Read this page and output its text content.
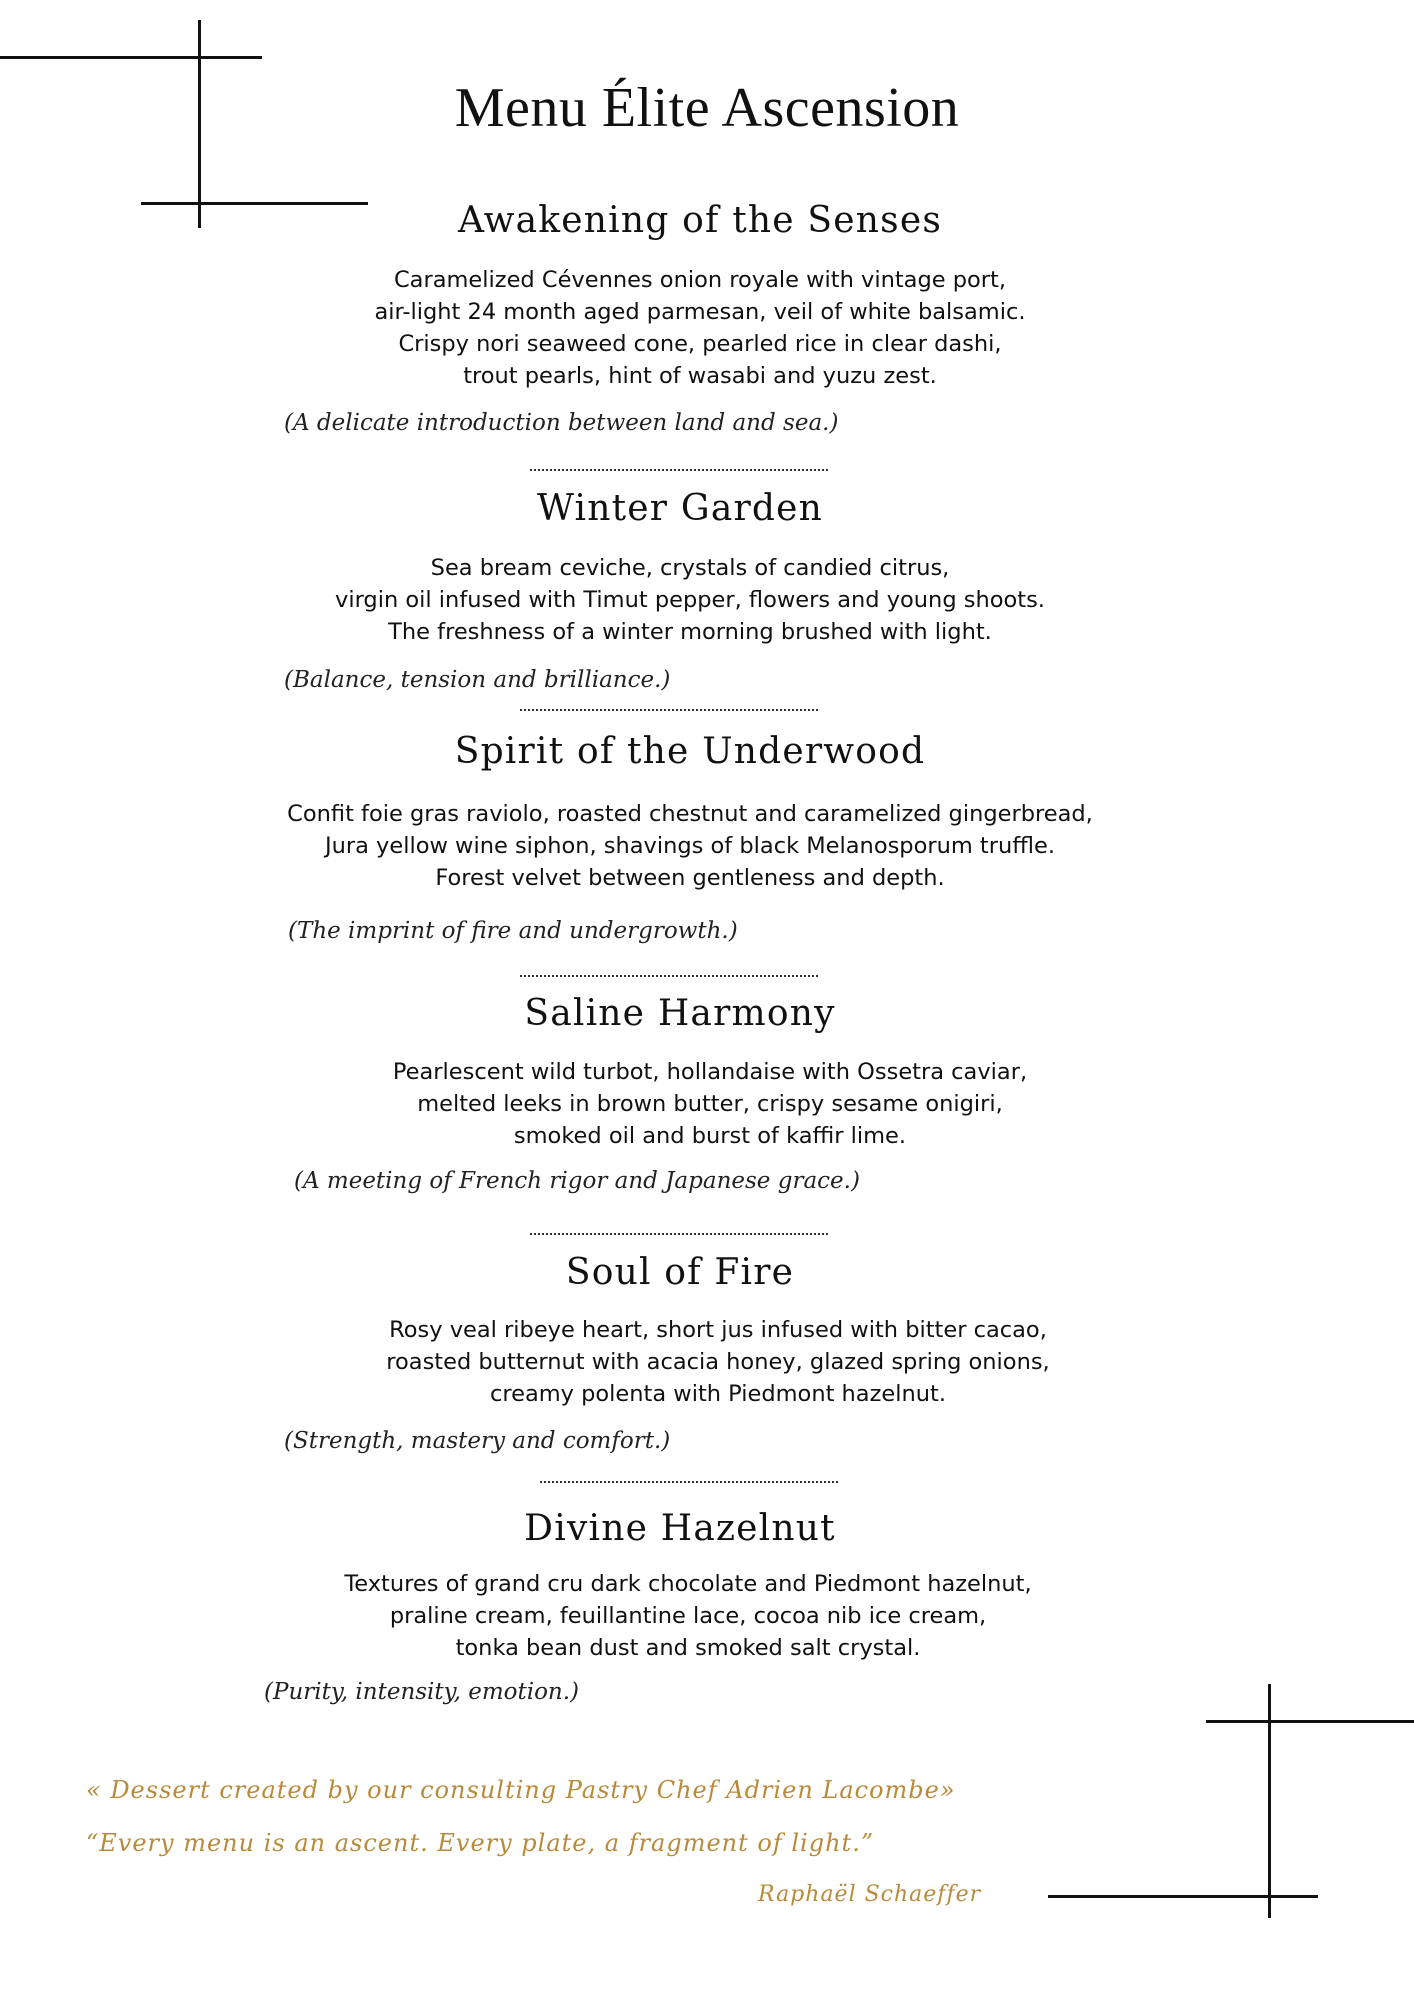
Menu Élite Ascension
Awakening of the Senses
Caramelized Cévennes onion royale with vintage port,
air-light 24 month aged parmesan, veil of white balsamic.
Crispy nori seaweed cone, pearled rice in clear dashi,
trout pearls, hint of wasabi and yuzu zest.
(A delicate introduction between land and sea.)
Winter Garden
Sea bream ceviche, crystals of candied citrus,
virgin oil infused with Timut pepper, flowers and young shoots.
The freshness of a winter morning brushed with light.
(Balance, tension and brilliance.)
Spirit of the Underwood
Confit foie gras raviolo, roasted chestnut and caramelized gingerbread,
Jura yellow wine siphon, shavings of black Melanosporum truffle.
Forest velvet between gentleness and depth.
(The imprint of fire and undergrowth.)
Saline Harmony
Pearlescent wild turbot, hollandaise with Ossetra caviar,
melted leeks in brown butter, crispy sesame onigiri,
smoked oil and burst of kaffir lime.
(A meeting of French rigor and Japanese grace.)
Soul of Fire
Rosy veal ribeye heart, short jus infused with bitter cacao,
roasted butternut with acacia honey, glazed spring onions,
creamy polenta with Piedmont hazelnut.
(Strength, mastery and comfort.)
Divine Hazelnut
Textures of grand cru dark chocolate and Piedmont hazelnut,
praline cream, feuillantine lace, cocoa nib ice cream,
tonka bean dust and smoked salt crystal.
(Purity, intensity, emotion.)
« Dessert created by our consulting Pastry Chef Adrien Lacombe»
“Every menu is an ascent. Every plate, a fragment of light.”
Raphaël Schaeffer
